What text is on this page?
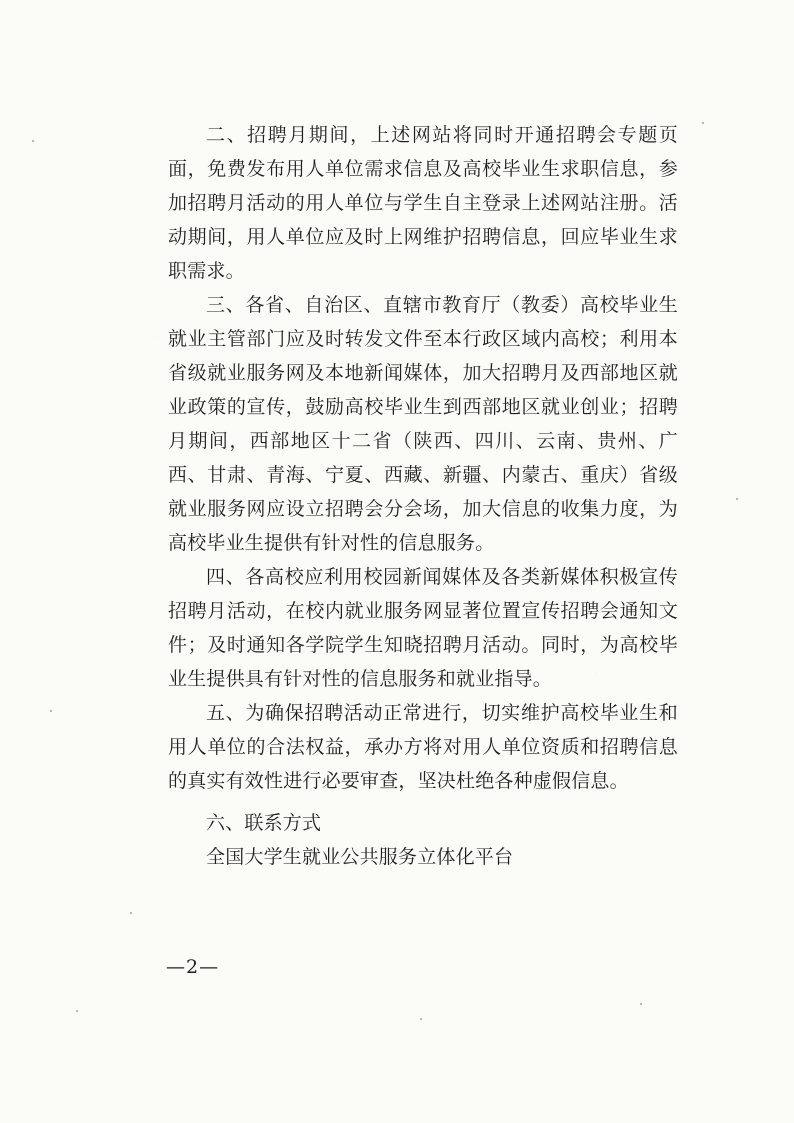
二、招聘月期间，上述网站将同时开通招聘会专题页面，免费发布用人单位需求信息及高校毕业生求职信息，参加招聘月活动的用人单位与学生自主登录上述网站注册。活动期间，用人单位应及时上网维护招聘信息，回应毕业生求职需求。

三、各省、自治区、直辖市教育厅（教委）高校毕业生就业主管部门应及时转发文件至本行政区域内高校；利用本省级就业服务网及本地新闻媒体，加大招聘月及西部地区就业政策的宣传，鼓励高校毕业生到西部地区就业创业；招聘月期间，西部地区十二省（陕西、四川、云南、贵州、广西、甘肃、青海、宁夏、西藏、新疆、内蒙古、重庆）省级就业服务网应设立招聘会分会场，加大信息的收集力度，为高校毕业生提供有针对性的信息服务。

四、各高校应利用校园新闻媒体及各类新媒体积极宣传招聘月活动，在校内就业服务网显著位置宣传招聘会通知文件；及时通知各学院学生知晓招聘月活动。同时，为高校毕业生提供具有针对性的信息服务和就业指导。

五、为确保招聘活动正常进行，切实维护高校毕业生和用人单位的合法权益，承办方将对用人单位资质和招聘信息的真实有效性进行必要审查，坚决杜绝各种虚假信息。

六、联系方式

全国大学生就业公共服务立体化平台

—2—
